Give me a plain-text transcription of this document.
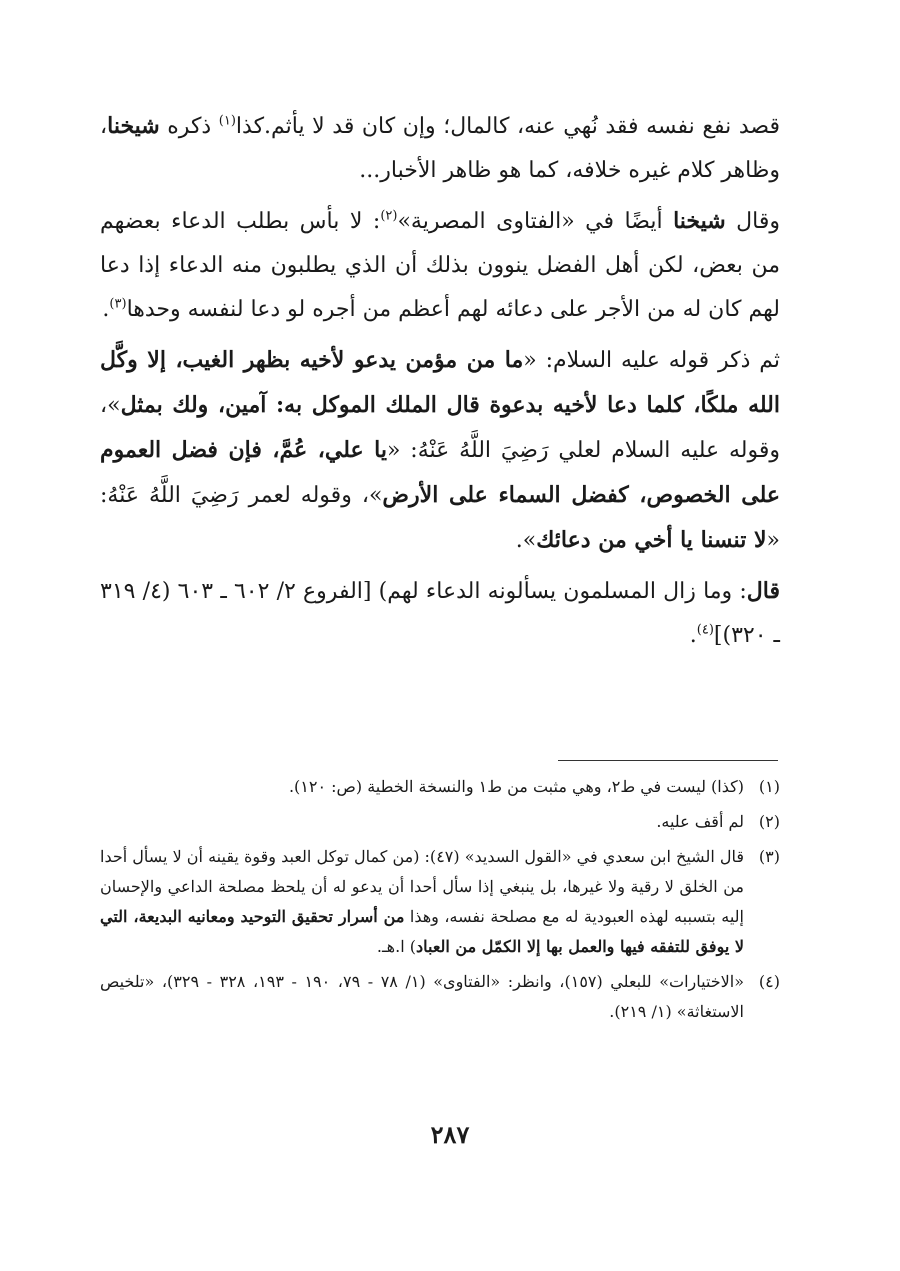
قصد نفع نفسه فقد نُهي عنه، كالمال؛ وإن كان قد لا يأثم.كذا$^{(١)}$ ذكره شيخنا، وظاهر كلام غيره خلافه، كما هو ظاهر الأخبار...

وقال شيخنا أيضًا في «الفتاوى المصرية»$^{(٢)}$: لا بأس بطلب الدعاء بعضهم من بعض، لكن أهل الفضل ينوون بذلك أن الذي يطلبون منه الدعاء إذا دعا لهم كان له من الأجر على دعائه لهم أعظم من أجره لو دعا لنفسه وحدها$^{(٣)}$.

ثم ذكر قوله عليه السلام: «ما من مؤمن يدعو لأخيه بظهر الغيب، إلا وكَّل الله ملكًا، كلما دعا لأخيه بدعوة قال الملك الموكل به: آمين، ولك بمثل»، وقوله عليه السلام لعلي رَضِيَ اللَّهُ عَنْهُ: «يا علي، عُمَّ، فإن فضل العموم على الخصوص، كفضل السماء على الأرض»، وقوله لعمر رَضِيَ اللَّهُ عَنْهُ: «لا تنسنا يا أخي من دعائك».

قال: وما زال المسلمون يسألونه الدعاء لهم) [الفروع ٢/ ٦٠٢ ـ ٦٠٣ (٤/ ٣١٩ ـ ٣٢٠)]$^{(٤)}$.

(١)
(كذا) ليست في ط٢، وهي مثبت من ط١ والنسخة الخطية (ص: ١٢٠).
(٢)
لم أقف عليه.
(٣)
قال الشيخ ابن سعدي في «القول السديد» (٤٧): (من كمال توكل العبد وقوة يقينه أن لا يسأل أحدا من الخلق لا رقية ولا غيرها، بل ينبغي إذا سأل أحدا أن يدعو له أن يلحظ مصلحة الداعي والإحسان إليه بتسببه لهذه العبودية له مع مصلحة نفسه، وهذا من أسرار تحقيق التوحيد ومعانيه البديعة، التي لا يوفق للتفقه فيها والعمل بها إلا الكمّل من العباد) ا.هـ.
(٤)
«الاختيارات» للبعلي (١٥٧)، وانظر: «الفتاوى» (١/ ٧٨ - ٧٩، ١٩٠ - ١٩٣، ٣٢٨ - ٣٢٩)، «تلخيص الاستغاثة» (١/ ٢١٩).
٢٨٧
